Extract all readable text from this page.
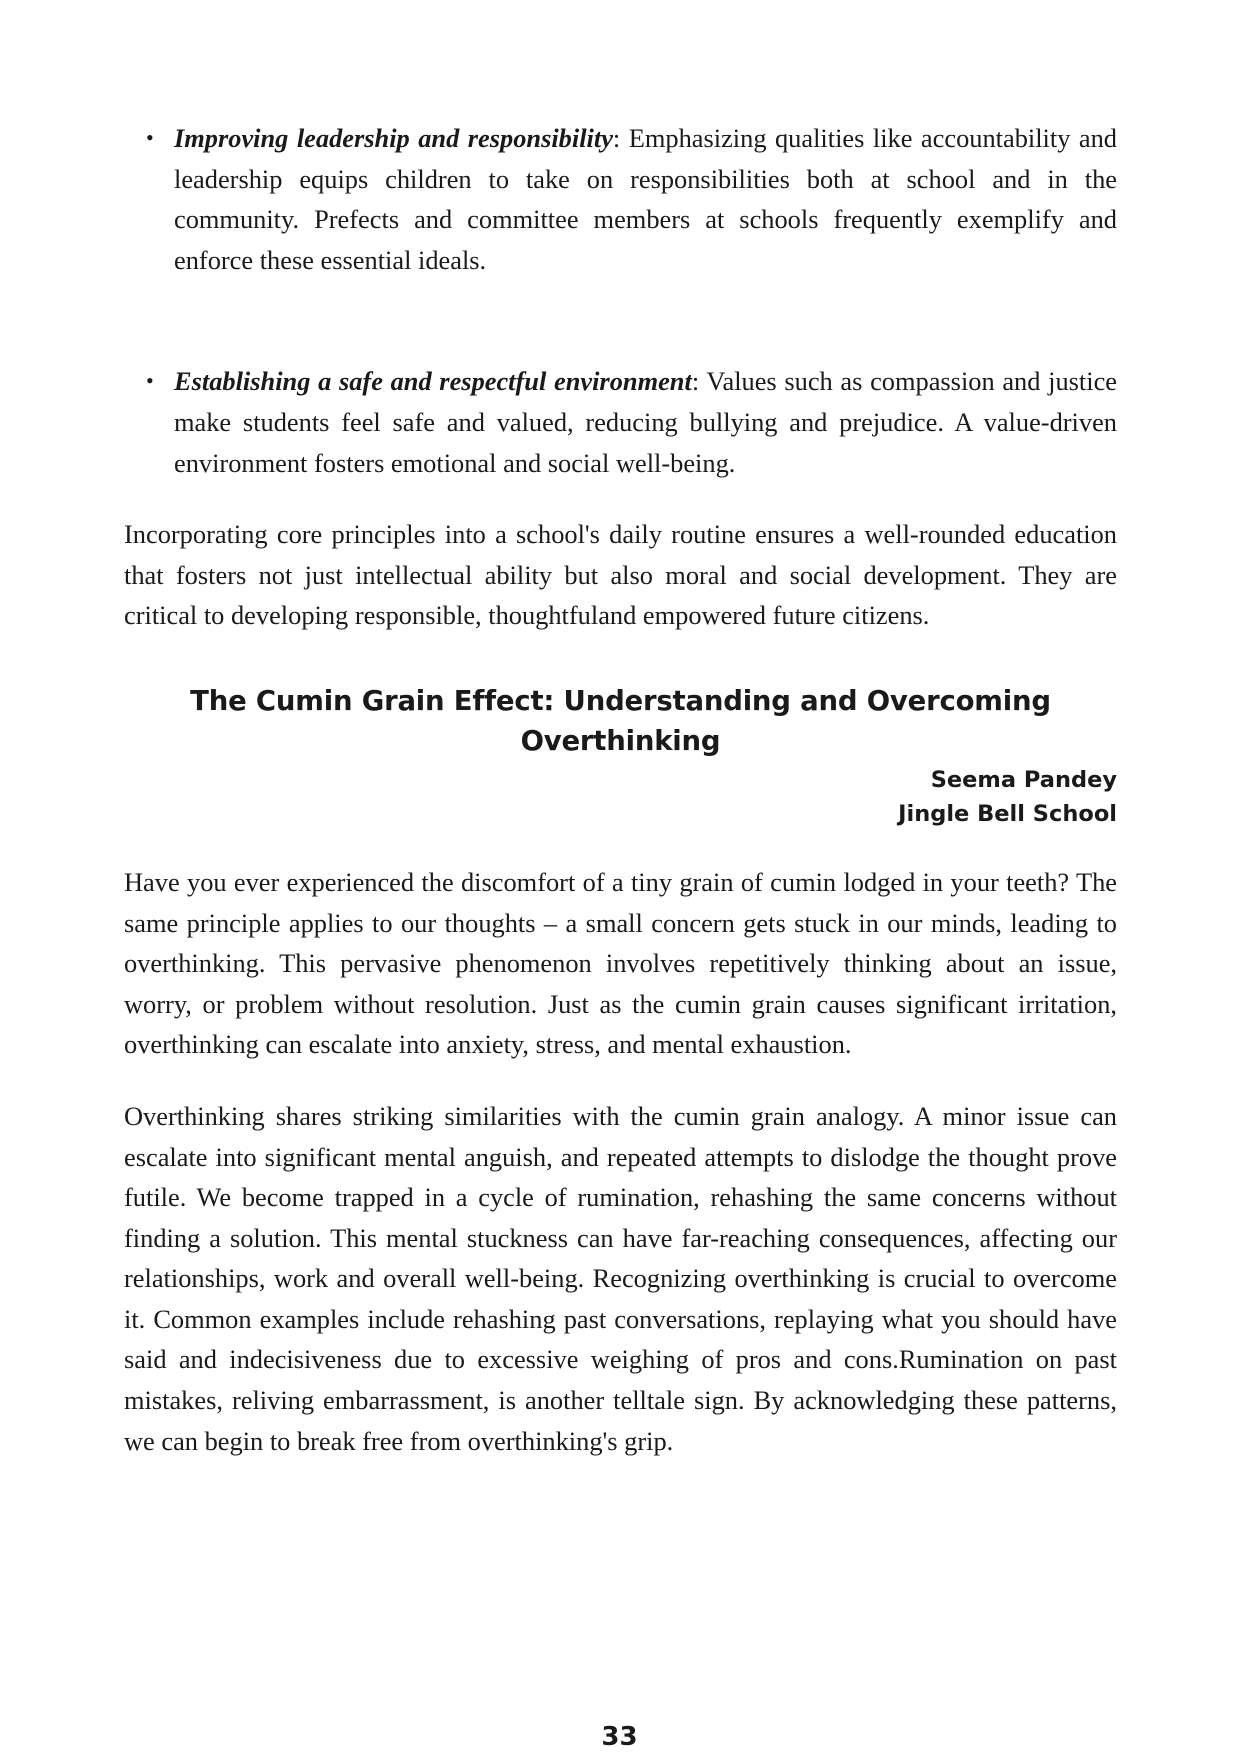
• Improving leadership and responsibility: Emphasizing qualities like accountability and leadership equips children to take on responsibilities both at school and in the community. Prefects and committee members at schools frequently exemplify and enforce these essential ideals.
• Establishing a safe and respectful environment: Values such as compassion and justice make students feel safe and valued, reducing bullying and prejudice. A value-driven environment fosters emotional and social well-being.

Incorporating core principles into a school's daily routine ensures a well-rounded education that fosters not just intellectual ability but also moral and social development. They are critical to developing responsible, thoughtfuland empowered future citizens.

The Cumin Grain Effect: Understanding and Overcoming
Overthinking

Seema Pandey

Jingle Bell School

Have you ever experienced the discomfort of a tiny grain of cumin lodged in your teeth? The same principle applies to our thoughts – a small concern gets stuck in our minds, leading to overthinking. This pervasive phenomenon involves repetitively thinking about an issue, worry, or problem without resolution. Just as the cumin grain causes significant irritation, overthinking can escalate into anxiety, stress, and mental exhaustion.

Overthinking shares striking similarities with the cumin grain analogy. A minor issue can escalate into significant mental anguish, and repeated attempts to dislodge the thought prove futile. We become trapped in a cycle of rumination, rehashing the same concerns without finding a solution. This mental stuckness can have far-reaching consequences, affecting our relationships, work and overall well-being. Recognizing overthinking is crucial to overcome it. Common examples include rehashing past conversations, replaying what you should have said and indecisiveness due to excessive weighing of pros and cons.Rumination on past mistakes, reliving embarrassment, is another telltale sign. By acknowledging these patterns, we can begin to break free from overthinking's grip.

33
